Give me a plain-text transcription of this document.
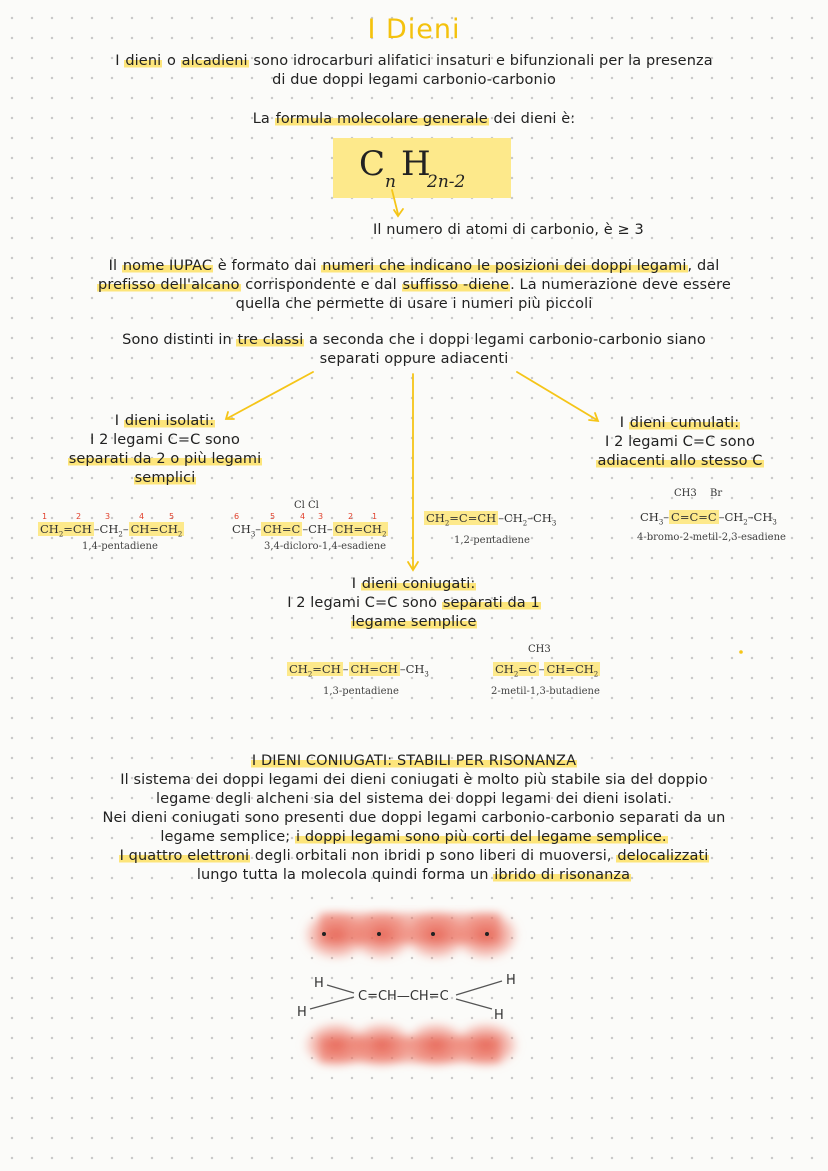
I Dieni
I dieni o alcadieni sono idrocarburi alifatici insaturi e bifunzionali per la presenza
di due doppi legami carbonio-carbonio
La formula molecolare generale dei dieni è:
C n H
2n-2
Il numero di atomi di carbonio, è ≥ 3
Il nome IUPAC è formato dai numeri che indicano le posizioni dei doppi legami, dal
prefisso dell'alcano corrispondente e dal suffisso -diene. La numerazione deve essere
quella che permette di usare i numeri più piccoli
Sono distinti in tre classi a seconda che i doppi legami carbonio-carbonio siano
separati oppure adiacenti
I dieni isolati:
I 2 legami C=C sono
separati da 2 o più legami
semplici
I dieni cumulati:
I 2 legami C=C sono
adiacenti allo stesso C
1	2	3	4	5
$CH_2=CH$ $-CH_2-$ $CH=CH_2$
1,4-pentadiene
Cl Cl
6	5	4 3	2 1
$CH_3-$ CH=C –CH– $CH=CH_2$
3,4-dicloro-1,4-esadiene
$CH_2=C=CH$ $-CH_2-CH_3$
1,2-pentadiene
CH3 Br
$CH_3-$ C=C=C $-CH_2-CH_3$
4-bromo-2-metil-2,3-esadiene
I dieni coniugati:
I 2 legami C=C sono separati da 1
legame semplice
$CH_2=CH - CH=CH$ $-CH_3$
1,3-pentadiene
CH3
$CH_2=C - CH=CH_2$
2-metil-1,3-butadiene
I DIENI CONIUGATI: STABILI PER RISONANZA
Il sistema dei doppi legami dei dieni coniugati è molto più stabile sia del doppio
legame degli alcheni sia del sistema dei doppi legami dei dieni isolati.
Nei dieni coniugati sono presenti due doppi legami carbonio-carbonio separati da un
legame semplice; i doppi legami sono più corti del legame semplice.
I quattro elettroni degli orbitali non ibridi p sono liberi di muoversi, delocalizzati
lungo tutta la molecola quindi forma un ibrido di risonanza
H
H
C=CH—CH=C
H
H
